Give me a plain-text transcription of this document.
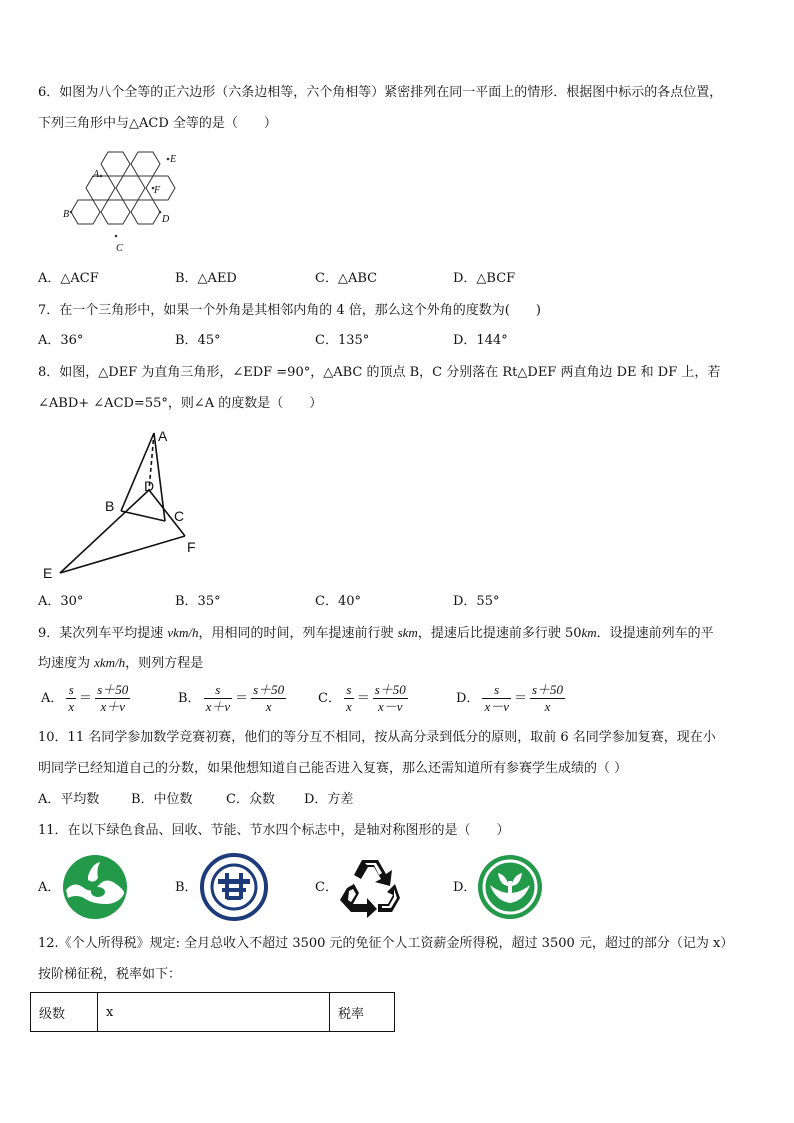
6．如图为八个全等的正六边形（六条边相等，六个角相等）紧密排列在同一平面上的情形．根据图中标示的各点位置，
下列三角形中与△ACD 全等的是（　　）
A
E
F
B	D
C
A．△ACF	B．△AED	C．△ABC	D．△BCF
7．在一个三角形中，如果一个外角是其相邻内角的 4 倍，那么这个外角的度数为(　　)
A．36°	B．45°	C．135°	D．144°
8．如图，△DEF 为直角三角形，∠EDF =90°，△ABC 的顶点 B，C 分别落在 Rt△DEF 两直角边 DE 和 DF 上，若
∠ABD+ ∠ACD=55°，则∠A 的度数是（　　）
A
D
B
C
F
E
A．30°	B．35°	C．40°	D．55°
9．某次列车平均提速 vkm/h，用相同的时间，列车提速前行驶 skm，提速后比提速前多行驶 50km．设提速前列车的平
均速度为 xkm/h，则列方程是
A． $\frac{s}{x} = \frac{s+50}{x+v}$	B． $\frac{s}{x+v} = \frac{s+50}{x}$ C． $\frac{s}{x} = \frac{s+50}{x-v}$	D． $\frac{s}{x-v} = \frac{s+50}{x}$
10．11 名同学参加数学竞赛初赛，他们的等分互不相同，按从高分录到低分的原则，取前 6 名同学参加复赛，现在小
明同学已经知道自己的分数，如果他想知道自己能否进入复赛，那么还需知道所有参赛学生成绩的（ ）
A．平均数 B．中位数	C．众数 D．方差
11．在以下绿色食品、回收、节能、节水四个标志中，是轴对称图形的是（　　）
A．	B．	C．	D．
12.《个人所得税》规定: 全月总收入不超过 3500 元的免征个人工资薪金所得税，超过 3500 元，超过的部分（记为 x）
按阶梯征税，税率如下：
级数	x	税率
